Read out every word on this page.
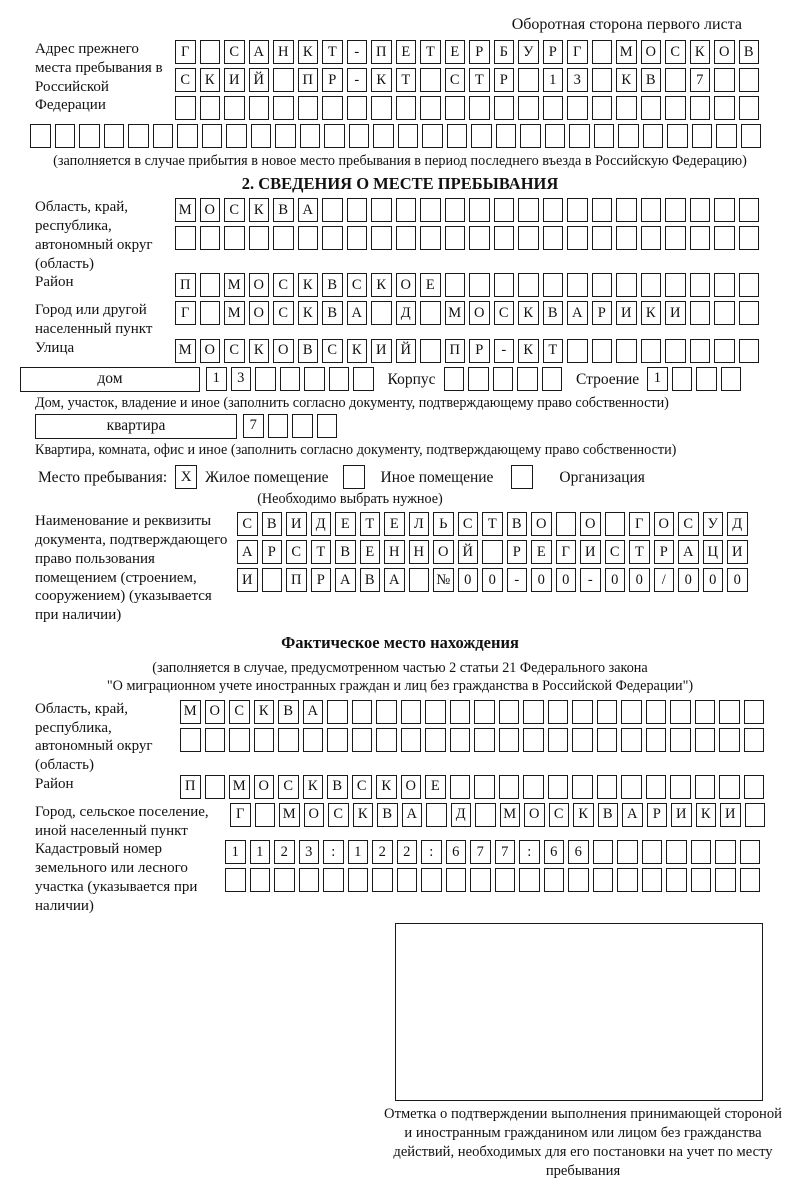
Оборотная сторона первого листа
Адрес прежнего места пребывания в Российской Федерации
Г	С А Н К	Т	-	П	Е	Т	Е	Р	Б	У	Р	Г	М О С	К О В
С	К И Й	П	Р	-	К	Т	С	Т	Р	1	3	К	В	7
(заполняется в случае прибытия в новое место пребывания в период последнего въезда в Российскую Федерацию)
2. СВЕДЕНИЯ О МЕСТЕ ПРЕБЫВАНИЯ
Область, край, республика, автономный округ (область)
М О С	К	В А
Район	П	М О С	К	В	С	К О	Е
Город или другой населенный пункт
Г	М О С	К	В А	Д	М О С	К	В А	Р	И К И
Улица	М О С	К О В	С	К И Й	П	Р	-	К	Т
дом	1	3	Корпус	Строение	1
Дом, участок, владение и иное (заполнить согласно документу, подтверждающему право собственности)
квартира	7
Квартира, комната, офис и иное (заполнить согласно документу, подтверждающему право собственности)
Место пребывания: X Жилое помещение	Иное помещение	Организация
(Необходимо выбрать нужное)
Наименование и реквизиты документа, подтверждающего право пользования помещением (строением, сооружением) (указывается при наличии)
С	В И Д	Е	Т	Е	Л	Ь	С	Т	В О	О	Г	О С	У Д
А	Р	С	Т	В	Е	Н Н О Й	Р	Е	Г	И С	Т	Р	А Ц И
И	П	Р	А В А	№ 0	0	-	0	0	-	0	0	/	0	0	0
Фактическое место нахождения
(заполняется в случае, предусмотренном частью 2 статьи 21 Федерального закона
"О миграционном учете иностранных граждан и лиц без гражданства в Российской Федерации")
Область, край, республика, автономный округ (область)
М О С	К	В А
Район	П	М О С	К	В	С	К О	Е
Город, сельское поселение, иной населенный пункт
Г	М О С	К	В А	Д	М О С	К	В А	Р	И К И
Кадастровый номер земельного или лесного участка (указывается при наличии)
1	1	2	3	:	1	2	2	:	6	7	7	:	6	6
Отметка о подтверждении выполнения принимающей стороной и иностранным гражданином или лицом без гражданства действий, необходимых для его постановки на учет по месту пребывания
